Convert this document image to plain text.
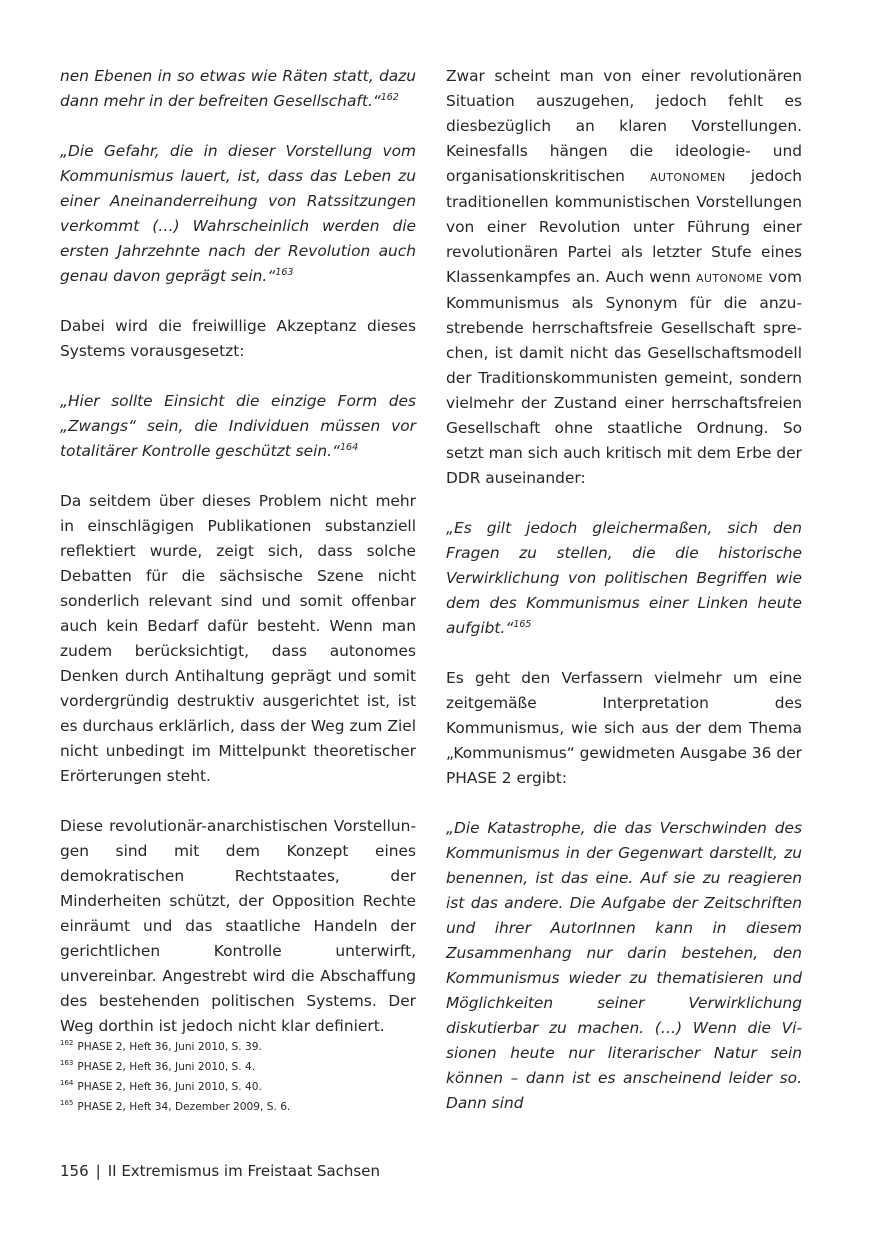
nen Ebenen in so etwas wie Räten statt, dazu dann mehr in der befreiten Gesellschaft.“$^{162}$

„Die Gefahr, die in dieser Vorstellung vom Kommunismus lauert, ist, dass das Leben zu einer Aneinanderreihung von Ratssitzungen verkommt (…) Wahrscheinlich werden die ersten Jahrzehnte nach der Revolution auch genau davon geprägt sein.“$^{163}$

Dabei wird die freiwillige Akzeptanz dieses Systems vorausgesetzt:

„Hier sollte Einsicht die einzige Form des „Zwangs“ sein, die Individuen müssen vor totalitärer Kontrolle geschützt sein.“$^{164}$

Da seitdem über dieses Problem nicht mehr in einschlägigen Publikationen substanziell reflektiert wurde, zeigt sich, dass solche Debatten für die sächsische Szene nicht sonderlich relevant sind und somit offenbar auch kein Bedarf dafür besteht. Wenn man zudem berücksichtigt, dass autonomes Denken durch Antihaltung geprägt und somit vordergründig destruktiv ausgerichtet ist, ist es durchaus erklärlich, dass der Weg zum Ziel nicht unbedingt im Mittelpunkt theoretischer Erörterungen steht.

Diese revolutionär-anarchistischen Vorstellungen sind mit dem Konzept eines demokratischen Rechtstaates, der Minderheiten schützt, der Opposition Rechte einräumt und das staatliche Handeln der gerichtlichen Kontrolle unterwirft, unvereinbar. Angestrebt wird die Abschaffung des bestehenden politischen Systems. Der Weg dorthin ist jedoch nicht klar definiert.

Zwar scheint man von einer revolutionären Situation auszugehen, jedoch fehlt es diesbezüglich an klaren Vorstellungen. Keinesfalls hängen die ideologie- und organisationskritischen AUTONOMEN jedoch traditionellen kommunistischen Vorstellungen von einer Revolution unter Führung einer revolutionären Partei als letzter Stufe eines Klassenkampfes an. Auch wenn AUTONOME vom Kommunismus als Synonym für die anzustrebende herrschaftsfreie Gesellschaft sprechen, ist damit nicht das Gesellschaftsmodell der Traditionskommunisten gemeint, sondern vielmehr der Zustand einer herrschaftsfreien Gesellschaft ohne staatliche Ordnung. So setzt man sich auch kritisch mit dem Erbe der DDR auseinander:

„Es gilt jedoch gleichermaßen, sich den Fragen zu stellen, die die historische Verwirklichung von politischen Begriffen wie dem des Kommunismus einer Linken heute aufgibt.“$^{165}$

Es geht den Verfassern vielmehr um eine zeitgemäße Interpretation des Kommunismus, wie sich aus der dem Thema „Kommunismus“ gewidmeten Ausgabe 36 der PHASE 2 ergibt:

„Die Katastrophe, die das Verschwinden des Kommunismus in der Gegenwart darstellt, zu benennen, ist das eine. Auf sie zu reagieren ist das andere. Die Aufgabe der Zeitschriften und ihrer AutorInnen kann in diesem Zusammenhang nur darin bestehen, den Kommunismus wieder zu thematisieren und Möglichkeiten seiner Verwirklichung diskutierbar zu machen. (…) Wenn die Visionen heute nur literarischer Natur sein können – dann ist es anscheinend leider so. Dann sind

$^{162}$ PHASE 2, Heft 36, Juni 2010, S. 39.
$^{163}$ PHASE 2, Heft 36, Juni 2010, S. 4.
$^{164}$ PHASE 2, Heft 36, Juni 2010, S. 40.
$^{165}$ PHASE 2, Heft 34, Dezember 2009, S. 6.
156 | II Extremismus im Freistaat Sachsen
